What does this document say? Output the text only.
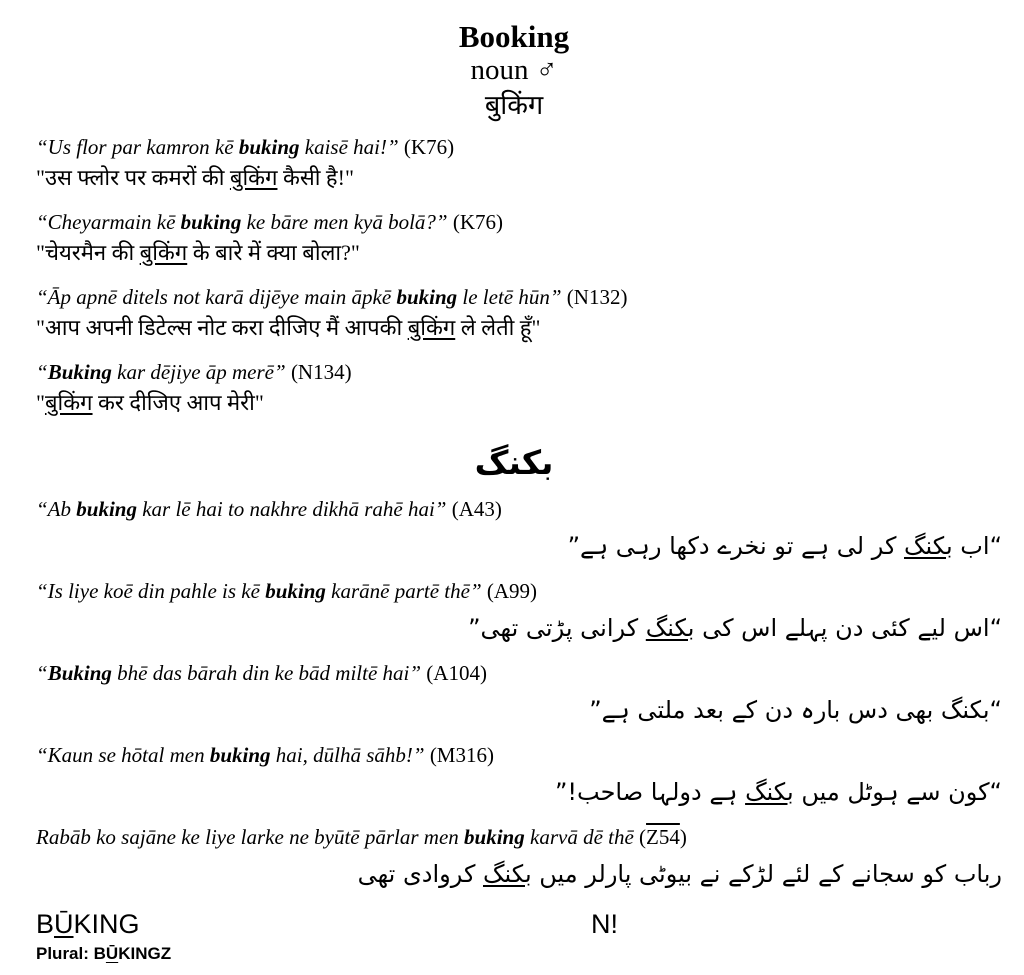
Booking
noun ♂
बुकिंग
“Us flor par kamron kē buking kaisē hai!” (K76)
"उस फ्लोर पर कमरों की बुकिंग कैसी है!"
“Cheyarmain kē buking ke bāre men kyā bolā?” (K76)
"चेयरमैन की बुकिंग के बारे में क्या बोला?"
“Āp apnē ditels not karā dijēye main āpkē buking le letē hūn” (N132)
"आप अपनी डिटेल्स नोट करा दीजिए मैं आपकी बुकिंग ले लेती हूँ"
“Buking kar dējiye āp merē” (N134)
"बुकिंग कर दीजिए आप मेरी"
بکنگ
“Ab buking kar lē hai to nakhre dikhā rahē hai” (A43)
“اب بکنگ کر لی ہے تو نخرے دکھا رہی ہے”
“Is liye koē din pahle is kē buking karānē partē thē” (A99)
“اس لیے کئی دن پہلے اس کی بکنگ کرانی پڑتی تھی”
“Buking bhē das bārah din ke bād miltē hai” (A104)
“بکنگ بھی دس بارہ دن کے بعد ملتی ہے”
“Kaun se hōtal men buking hai, dūlhā sāhb!” (M316)
“کون سے ہوٹل میں بکنگ ہے دولہا صاحب!”
Rabāb ko sajāne ke liye larke ne byūtē pārlar men buking karvā dē thē (Z54)
رباب کو سجانے کے لئے لڑکے نے بیوٹی پارلر میں بکنگ کروادی تھی
BŪKING	N!
Plural: BŪKINGZ
